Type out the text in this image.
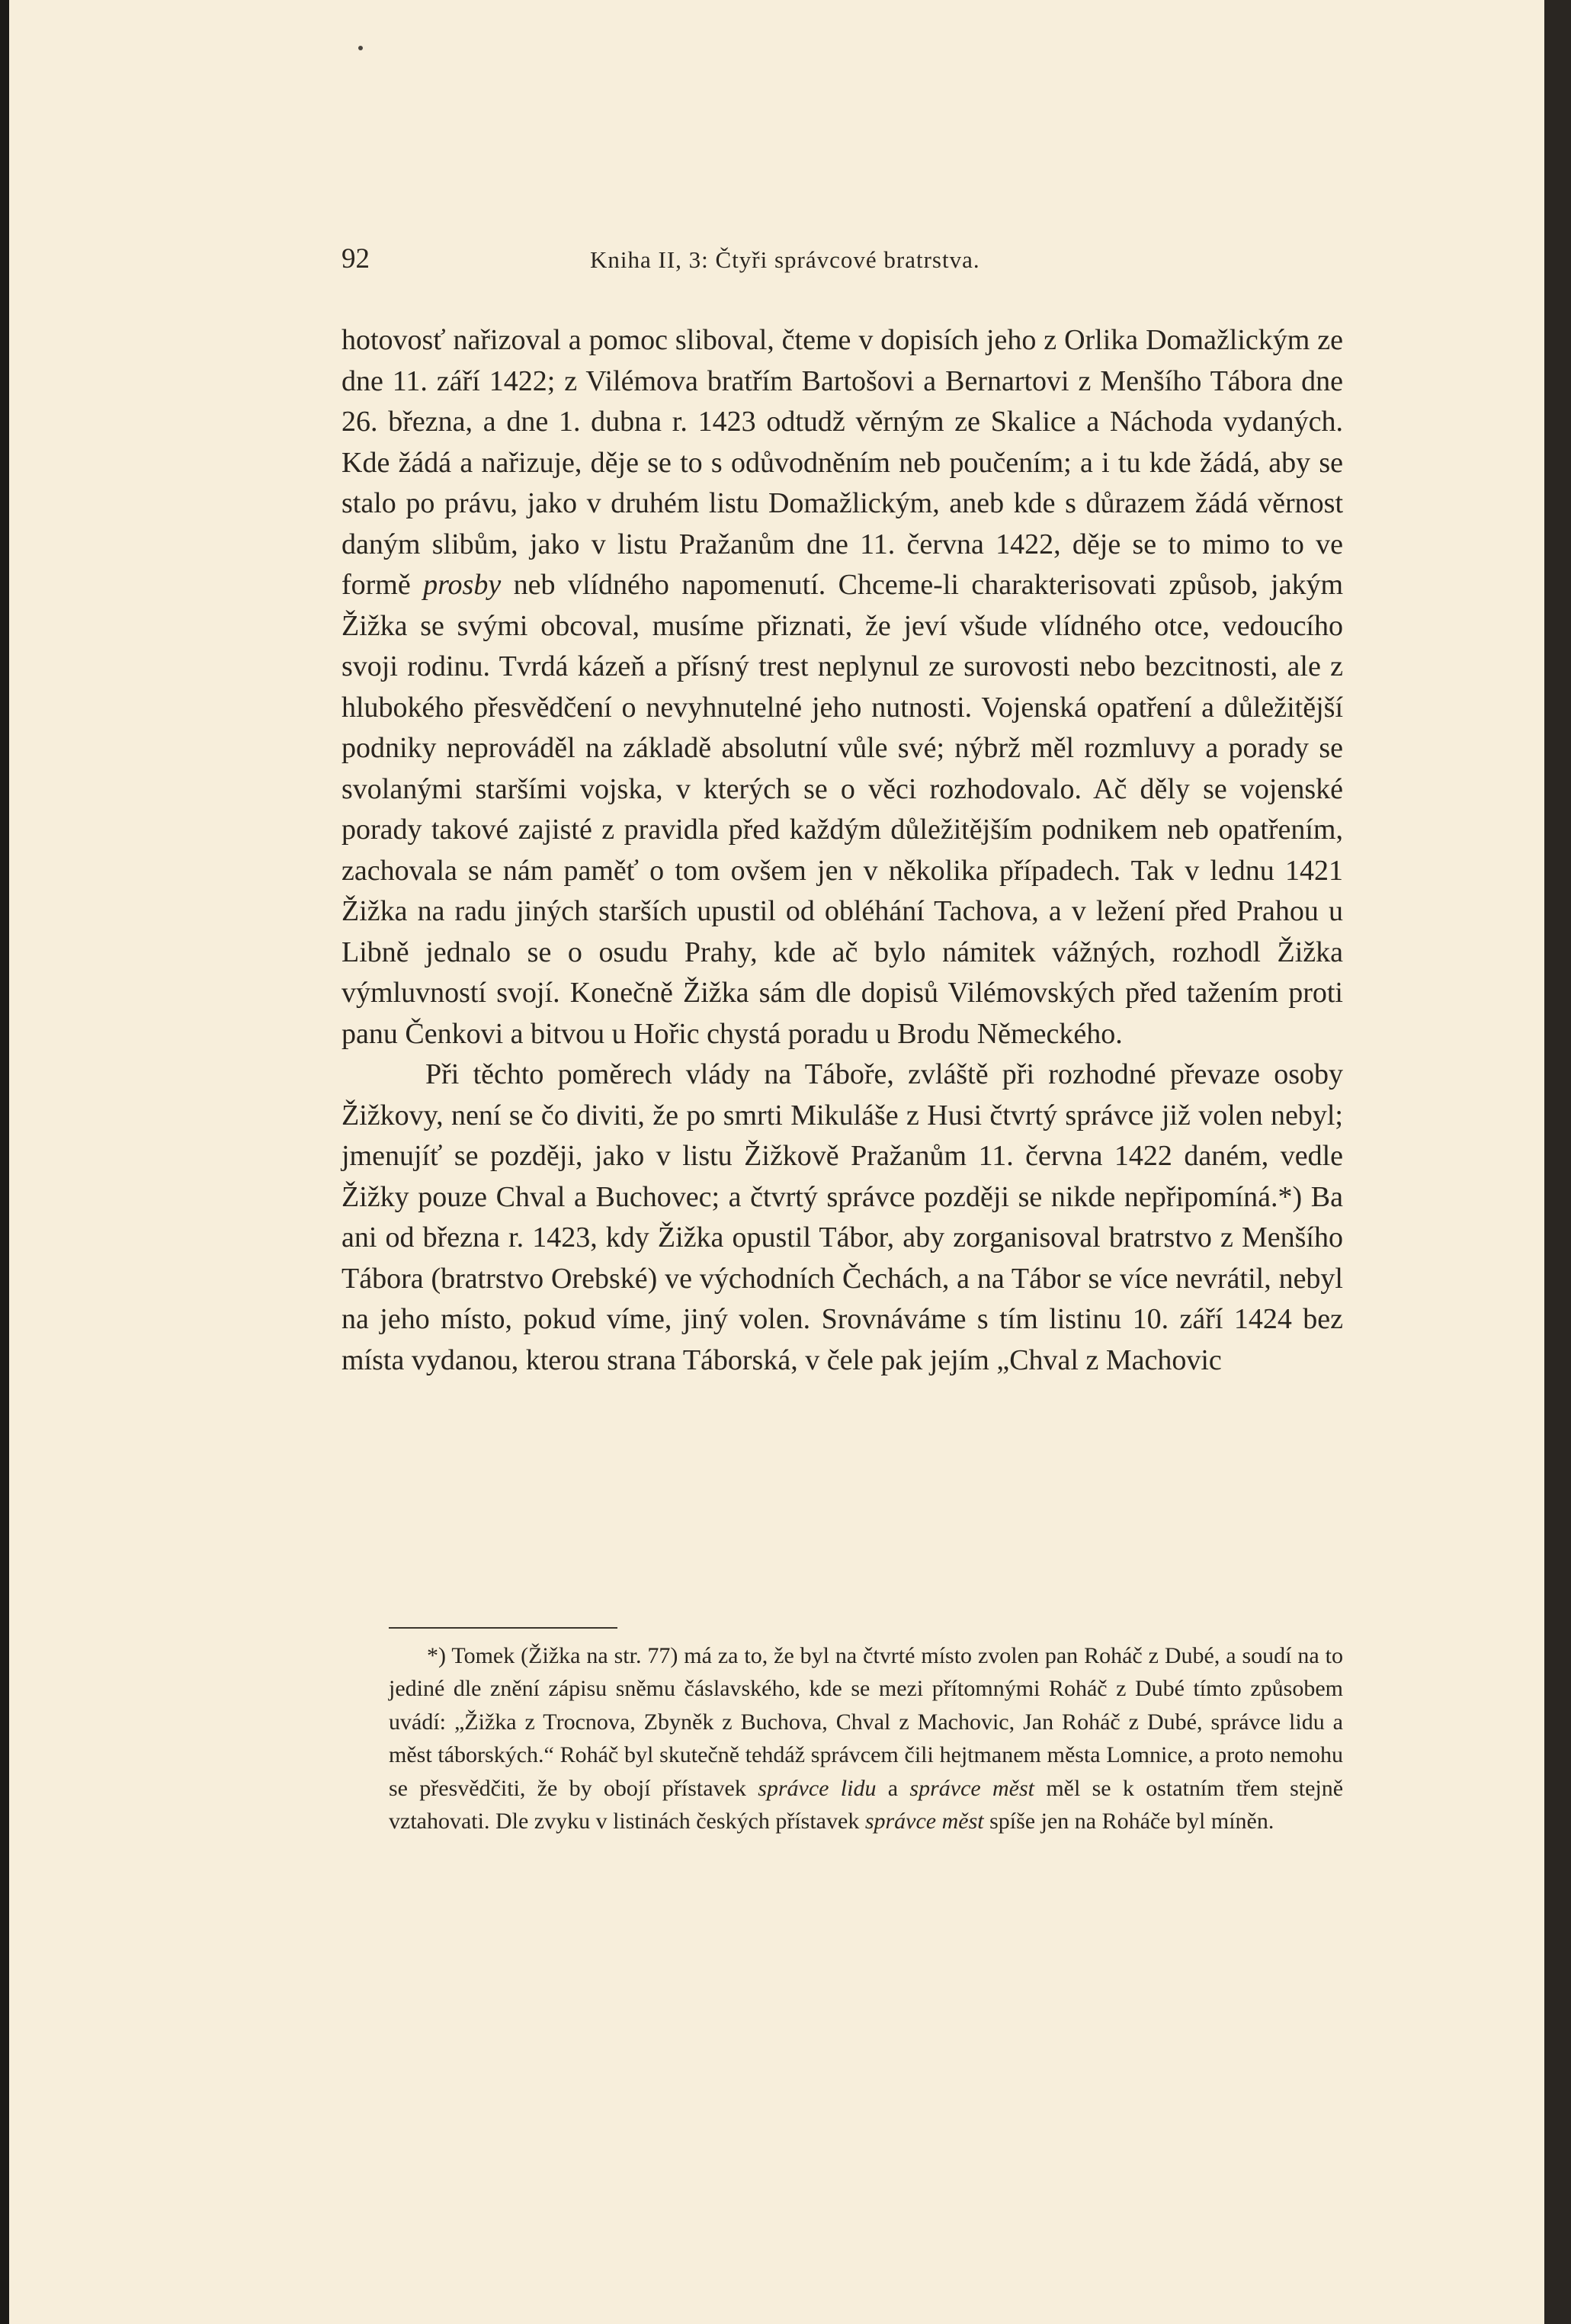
92	Kniha II, 3: Čtyři správcové bratrstva.

hotovosť nařizoval a pomoc sliboval, čteme v dopisích jeho z Orlika Domažlickým ze dne 11. září 1422; z Vilémova bratřím Bartošovi a Bernartovi z Menšího Tábora dne 26. března, a dne 1. dubna r. 1423 odtudž věrným ze Skalice a Náchoda vydaných. Kde žádá a nařizuje, děje se to s odůvodněním neb poučením; a i tu kde žádá, aby se stalo po právu, jako v druhém listu Domažlickým, aneb kde s důrazem žádá věrnost daným slibům, jako v listu Pražanům dne 11. června 1422, děje se to mimo to ve formě prosby neb vlídného napomenutí. Chceme-li charakterisovati způsob, jakým Žižka se svými obcoval, musíme přiznati, že jeví všude vlídného otce, vedoucího svoji rodinu. Tvrdá kázeň a přísný trest neplynul ze surovosti nebo bezcitnosti, ale z hlubokého přesvědčení o nevyhnutelné jeho nutnosti. Vojenská opatření a důležitější podniky neprováděl na základě absolutní vůle své; nýbrž měl rozmluvy a porady se svolanými staršími vojska, v kterých se o věci rozhodovalo. Ač děly se vojenské porady takové zajisté z pravidla před každým důležitějším podnikem neb opatřením, zachovala se nám paměť o tom ovšem jen v několika případech. Tak v lednu 1421 Žižka na radu jiných starších upustil od obléhání Tachova, a v ležení před Prahou u Libně jednalo se o osudu Prahy, kde ač bylo námitek vážných, rozhodl Žižka výmluvností svojí. Konečně Žižka sám dle dopisů Vilémovských před tažením proti panu Čenkovi a bitvou u Hořic chystá poradu u Brodu Německého.

Při těchto poměrech vlády na Táboře, zvláště při rozhodné převaze osoby Žižkovy, není se čo diviti, že po smrti Mikuláše z Husi čtvrtý správce již volen nebyl; jmenujíť se později, jako v listu Žižkově Pražanům 11. června 1422 daném, vedle Žižky pouze Chval a Buchovec; a čtvrtý správce později se nikde nepřipomíná.*) Ba ani od března r. 1423, kdy Žižka opustil Tábor, aby zorganisoval bratrstvo z Menšího Tábora (bratrstvo Orebské) ve východních Čechách, a na Tábor se více nevrátil, nebyl na jeho místo, pokud víme, jiný volen. Srovnáváme s tím listinu 10. září 1424 bez místa vydanou, kterou strana Táborská, v čele pak jejím „Chval z Machovic

*) Tomek (Žižka na str. 77) má za to, že byl na čtvrté místo zvolen pan Roháč z Dubé, a soudí na to jediné dle znění zápisu sněmu čáslavského, kde se mezi přítomnými Roháč z Dubé tímto způsobem uvádí: „Žižka z Trocnova, Zbyněk z Buchova, Chval z Machovic, Jan Roháč z Dubé, správce lidu a měst táborských.“ Roháč byl skutečně tehdáž správcem čili hejtmanem města Lomnice, a proto nemohu se přesvědčiti, že by obojí přístavek správce lidu a správce měst měl se k ostatním třem stejně vztahovati. Dle zvyku v listinách českých přístavek správce měst spíše jen na Roháče byl míněn.
